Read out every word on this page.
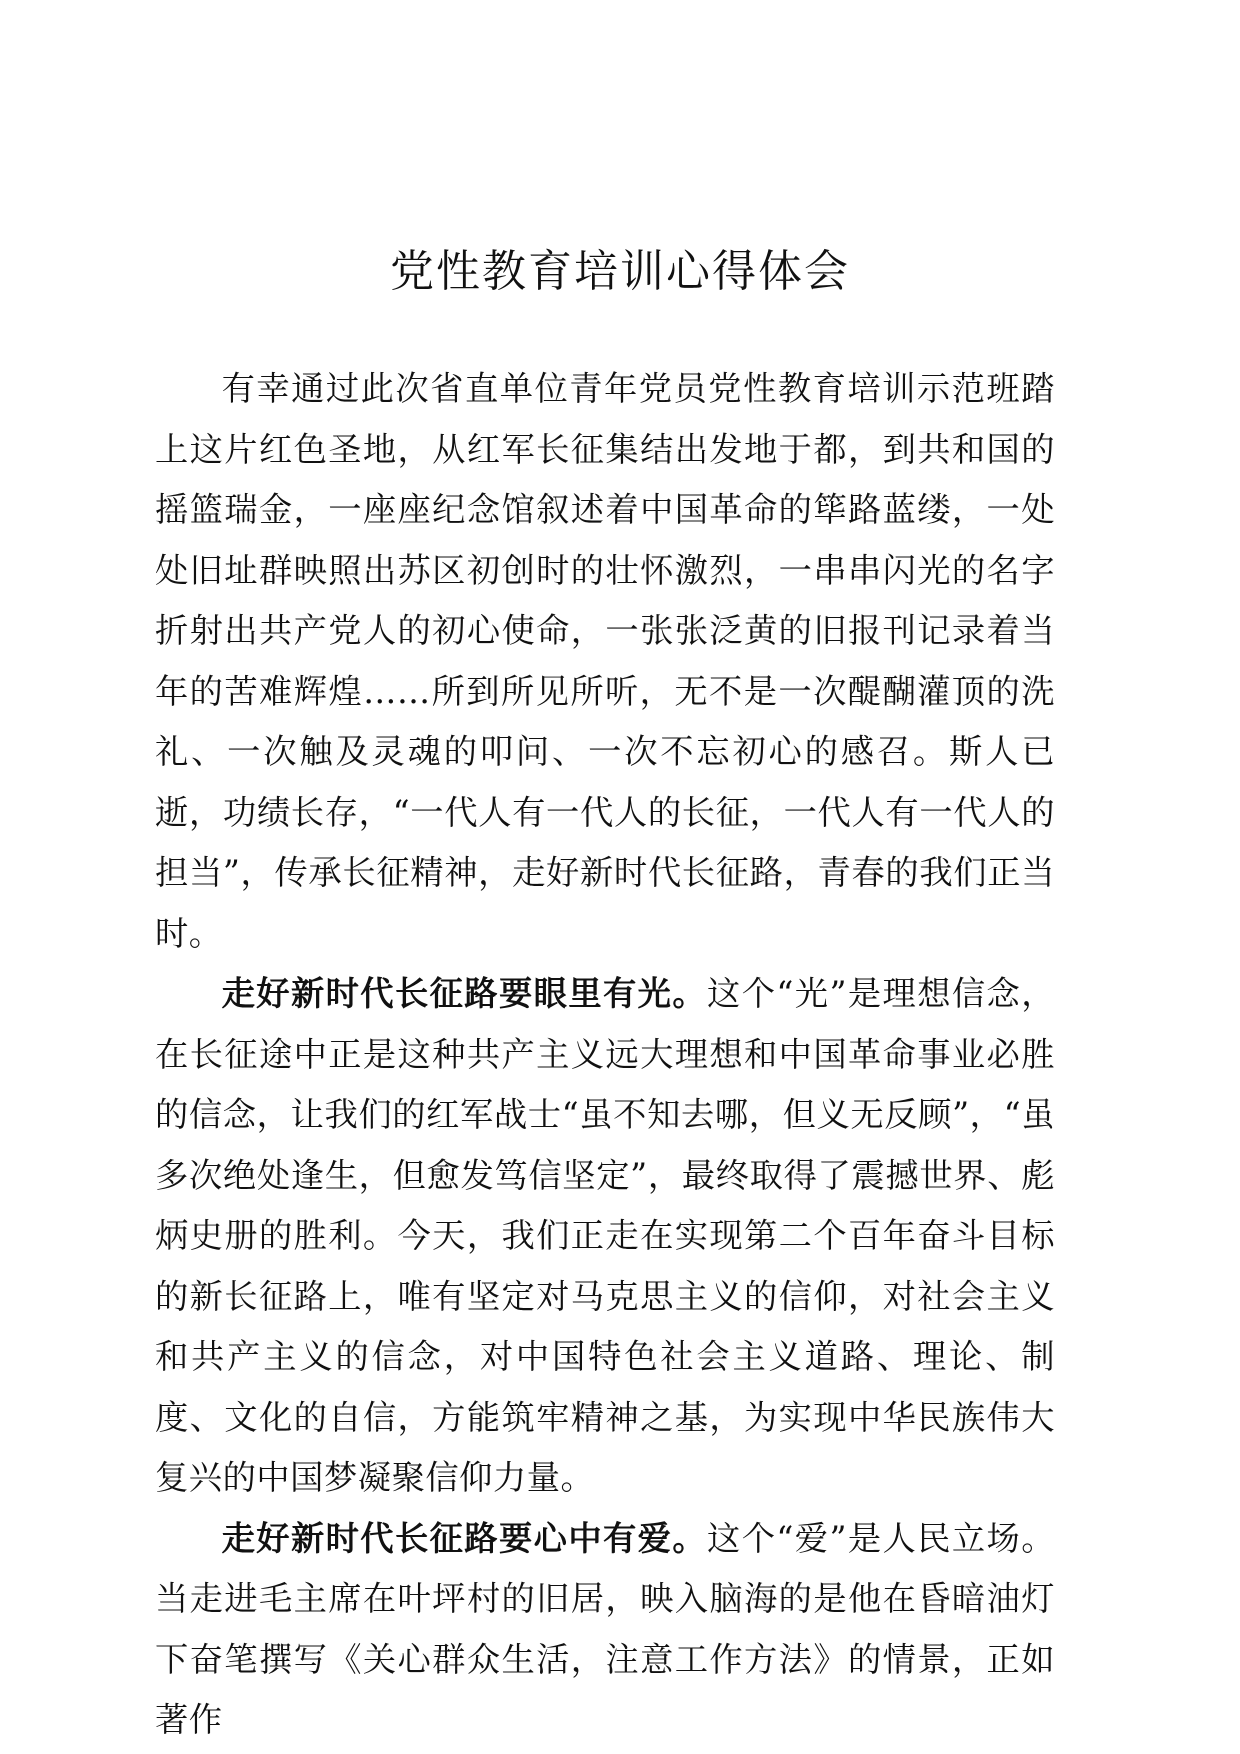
党性教育培训心得体会

有幸通过此次省直单位青年党员党性教育培训示范班踏上这片红色圣地，从红军长征集结出发地于都，到共和国的摇篮瑞金，一座座纪念馆叙述着中国革命的筚路蓝缕，一处处旧址群映照出苏区初创时的壮怀激烈，一串串闪光的名字折射出共产党人的初心使命，一张张泛黄的旧报刊记录着当年的苦难辉煌……所到所见所听，无不是一次醍醐灌顶的洗礼、一次触及灵魂的叩问、一次不忘初心的感召。斯人已逝，功绩长存，“一代人有一代人的长征，一代人有一代人的担当”，传承长征精神，走好新时代长征路，青春的我们正当时。

走好新时代长征路要眼里有光。这个“光”是理想信念，在长征途中正是这种共产主义远大理想和中国革命事业必胜的信念，让我们的红军战士“虽不知去哪，但义无反顾”，“虽多次绝处逢生，但愈发笃信坚定”，最终取得了震撼世界、彪炳史册的胜利。今天，我们正走在实现第二个百年奋斗目标的新长征路上，唯有坚定对马克思主义的信仰，对社会主义和共产主义的信念，对中国特色社会主义道路、理论、制度、文化的自信，方能筑牢精神之基，为实现中华民族伟大复兴的中国梦凝聚信仰力量。

走好新时代长征路要心中有爱。这个“爱”是人民立场。当走进毛主席在叶坪村的旧居，映入脑海的是他在昏暗油灯下奋笔撰写《关心群众生活，注意工作方法》的情景，正如著作
